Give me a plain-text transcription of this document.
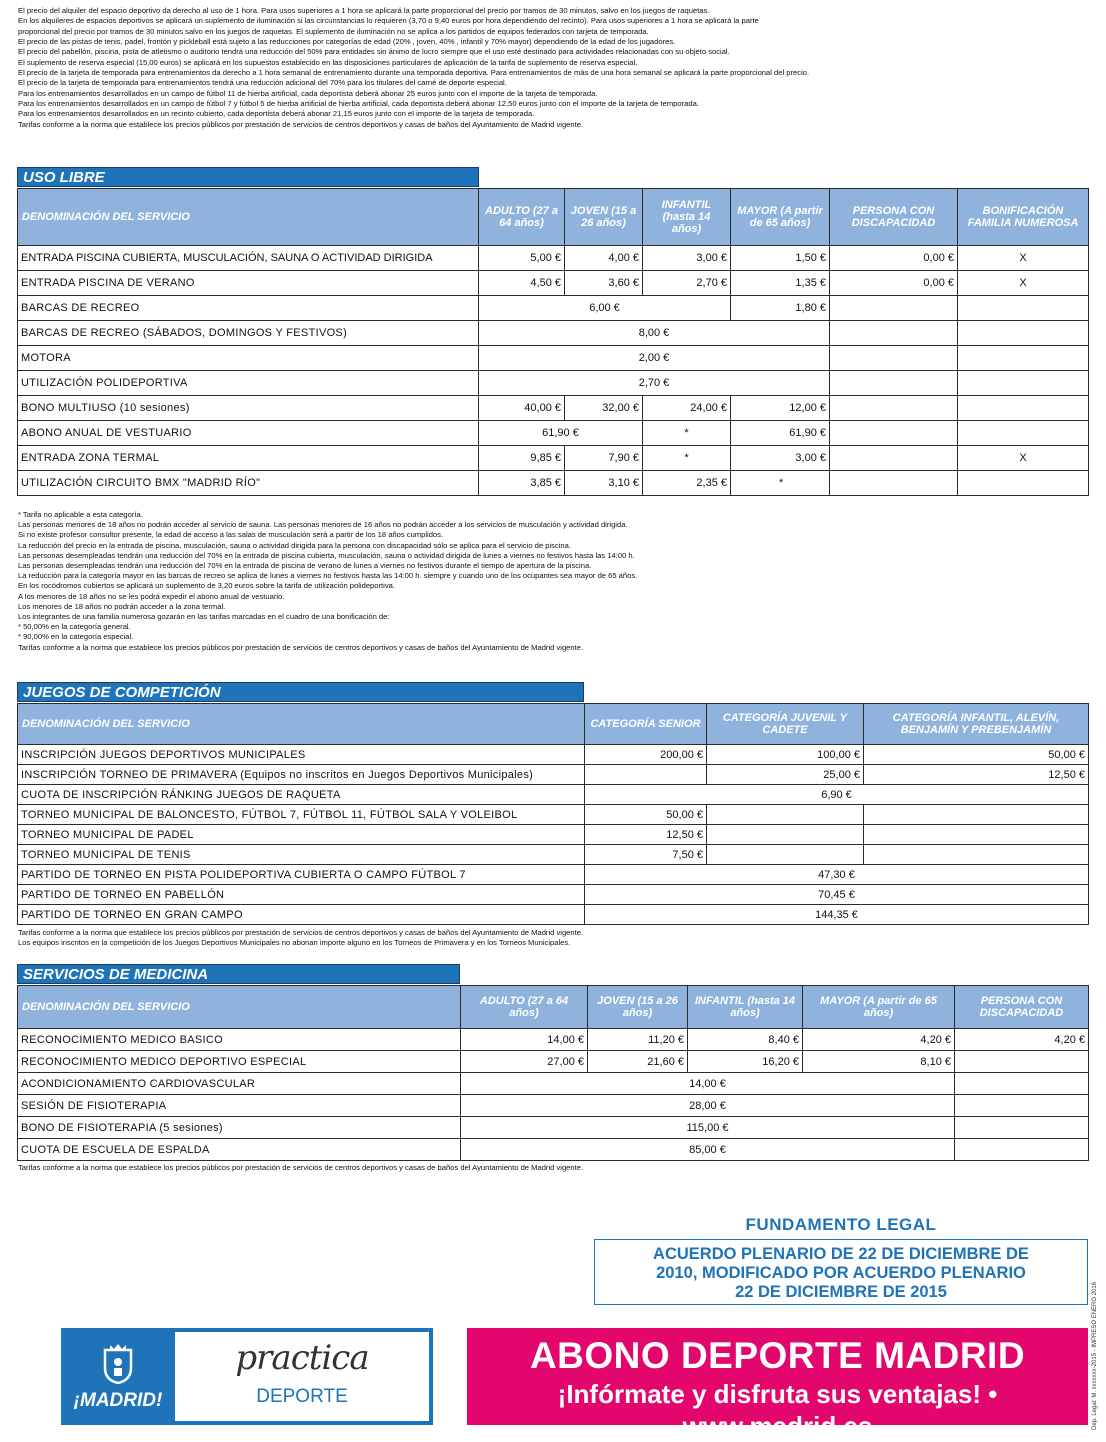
El precio del alquiler del espacio deportivo da derecho al uso de 1 hora. Para usos superiores a 1 hora se aplicará la parte proporcional del precio por tramos de 30 minutos, salvo en los juegos de raquetas.

En los alquileres de espacios deportivos se aplicará un suplemento de iluminación si las circunstancias lo requieren (3,70 o 9,40 euros por hora dependiendo del recinto). Para usos superiores a 1 hora se aplicará la parte

proporcional del precio por tramos de 30 minutos salvo en los juegos de raquetas. El suplemento de iluminación no se aplica a los partidos de equipos federados con tarjeta de temporada.

El precio de las pistas de tenis, padel, frontón y pickleball está sujeto a las reducciones por categorías de edad (20% , joven, 40% , infantil y 70% mayor) dependiendo de la edad de los jugadores.

El precio del pabellón, piscina, pista de atletismo o auditorio tendrá una reducción del 50% para entidades sin ánimo de lucro siempre que el uso esté destinado para actividades relacionadas con su objeto social.

El suplemento de reserva especial (15,00 euros) se aplicará en los supuestos establecido en las disposiciones particulares de aplicación de la tarifa de suplemento de reserva especial.

El precio de la tarjeta de temporada para entrenamientos da derecho a 1 hora semanal de entrenamiento durante una temporada deportiva. Para entrenamientos de más de una hora semanal se aplicará la parte proporcional del precio.

El precio de la tarjeta de temporada para entrenamientos tendrá una reducción adicional del 70% para los titulares del carné de deporte especial.

Para los entrenamientos desarrollados en un campo de fútbol 11 de hierba artificial, cada deportista deberá abonar 25 euros junto con el importe de la tarjeta de temporada.

Para los entrenamientos desarrollados en un campo de fútbol 7 y fútbol 5 de hierba artificial de hierba artificial, cada deportista deberá abonar 12,50 euros junto con el importe de la tarjeta de temporada.

Para los entrenamientos desarrollados en un recinto cubierto, cada deportista deberá abonar 21,15 euros junto con el importe de la tarjeta de temporada.

Tarifas conforme a la norma que establece los precios públicos por prestación de servicios de centros deportivos y casas de baños del Ayuntamiento de Madrid vigente.

USO LIBRE
DENOMINACIÓN DEL SERVICIO	ADULTO (27 a 64 años)	JOVEN (15 a 26 años)	INFANTIL (hasta 14 años)	MAYOR (A partir de 65 años)	PERSONA CON DISCAPACIDAD	BONIFICACIÓN FAMILIA NUMEROSA
ENTRADA PISCINA CUBIERTA, MUSCULACIÓN, SAUNA O ACTIVIDAD DIRIGIDA	5,00 €	4,00 €	3,00 €	1,50 €	0,00 €	X
ENTRADA PISCINA DE VERANO	4,50 €	3,60 €	2,70 €	1,35 €	0,00 €	X
BARCAS DE RECREO	6,00 €			1,80 €		
BARCAS DE RECREO (SÁBADOS, DOMINGOS Y FESTIVOS)	8,00 €					
MOTORA	2,00 €					
UTILIZACIÓN POLIDEPORTIVA	2,70 €					
BONO MULTIUSO (10 sesiones)	40,00 €	32,00 €	24,00 €	12,00 €		
ABONO ANUAL DE VESTUARIO	61,90 €		*	61,90 €		
ENTRADA ZONA TERMAL	9,85 €	7,90 €	*	3,00 €		X
UTILIZACIÓN CIRCUITO BMX "MADRID RÍO"	3,85 €	3,10 €	2,35 €	*		

* Tarifa no aplicable a esta categoría.

Las personas menores de 18 años no podrán acceder al servicio de sauna. Las personas menores de 16 años no podrán acceder a los servicios de musculación y actividad dirigida.

Si no existe profesor consultor presente, la edad de acceso a las salas de musculación será a partir de los 18 años cumplidos.

La reducción del precio en la entrada de piscina, musculación, sauna o actividad dirigida para la persona con discapacidad sólo se aplica para el servicio de piscina.

Las personas desempleadas tendrán una reducción del 70% en la entrada de piscina cubierta, musculación, sauna o actividad dirigida de lunes a viernes no festivos hasta las 14:00 h.

Las personas desempleadas tendrán una reducción del 70% en la entrada de piscina de verano de lunes a viernes no festivos durante el tiempo de apertura de la piscina.

La reducción para la categoría mayor en las barcas de recreo se aplica de lunes a viernes no festivos hasta las 14:00 h. siempre y cuando uno de los ocupantes sea mayor de 65 años.

En los rocódromos cubiertos se aplicará un suplemento de 3,20 euros sobre la tarifa de utilización polideportiva.

A los menores de 18 años no se les podrá expedir el abono anual de vestuario.

Los menores de 18 años no podrán acceder a la zona termal.

Los integrantes de una familia numerosa gozarán en las tarifas marcadas en el cuadro de una bonificación de:

* 50,00% en la categoría general.

* 90,00% en la categoría especial.

Tarifas conforme a la norma que establece los precios públicos por prestación de servicios de centros deportivos y casas de baños del Ayuntamiento de Madrid vigente.

JUEGOS DE COMPETICIÓN
DENOMINACIÓN DEL SERVICIO	CATEGORÍA SENIOR	CATEGORÍA JUVENIL Y CADETE	CATEGORÍA INFANTIL, ALEVÍN, BENJAMÍN Y PREBENJAMÍN
INSCRIPCIÓN JUEGOS DEPORTIVOS MUNICIPALES	200,00 €	100,00 €	50,00 €
INSCRIPCIÓN TORNEO DE PRIMAVERA (Equipos no inscritos en Juegos Deportivos Municipales)		25,00 €	12,50 €
CUOTA DE INSCRIPCIÓN RÁNKING JUEGOS DE RAQUETA	6,90 €		
TORNEO MUNICIPAL DE BALONCESTO, FÚTBOL 7, FÚTBOL 11, FÚTBOL SALA Y VOLEIBOL	50,00 €		
TORNEO MUNICIPAL DE PADEL	12,50 €		
TORNEO MUNICIPAL DE TENIS	7,50 €		
PARTIDO DE TORNEO EN PISTA POLIDEPORTIVA CUBIERTA O CAMPO FÚTBOL 7	47,30 €		
PARTIDO DE TORNEO EN PABELLÓN	70,45 €		
PARTIDO DE TORNEO EN GRAN CAMPO	144,35 €		

Tarifas conforme a la norma que establece los precios públicos por prestación de servicios de centros deportivos y casas de baños del Ayuntamiento de Madrid vigente.

Los equipos inscritos en la competición de los Juegos Deportivos Municipales no abonan importe alguno en los Torneos de Primavera y en los Torneos Municipales.

SERVICIOS DE MEDICINA
DENOMINACIÓN DEL SERVICIO	ADULTO (27 a 64 años)	JOVEN (15 a 26 años)	INFANTIL (hasta 14 años)	MAYOR (A partir de 65 años)	PERSONA CON DISCAPACIDAD
RECONOCIMIENTO MEDICO BASICO	14,00 €	11,20 €	8,40 €	4,20 €	4,20 €
RECONOCIMIENTO MEDICO DEPORTIVO ESPECIAL	27,00 €	21,60 €	16,20 €	8,10 €	
ACONDICIONAMIENTO CARDIOVASCULAR	14,00 €				
SESIÓN DE FISIOTERAPIA	28,00 €				
BONO DE FISIOTERAPIA (5 sesiones)	115,00 €				
CUOTA DE ESCUELA DE ESPALDA	85,00 €				

Tarifas conforme a la norma que establece los precios públicos por prestación de servicios de centros deportivos y casas de baños del Ayuntamiento de Madrid vigente.

FUNDAMENTO LEGAL
ACUERDO PLENARIO DE 22 DE DICIEMBRE DE
2010, MODIFICADO POR ACUERDO PLENARIO
22 DE DICIEMBRE DE 2015
¡MADRID!
practica
DEPORTE
ABONO DEPORTE MADRID
¡Infórmate y disfruta sus ventajas! • www.madrid.es	Dep. Legal: M. xxxxxxx-2015 - IMPRESO ENERO 2016
